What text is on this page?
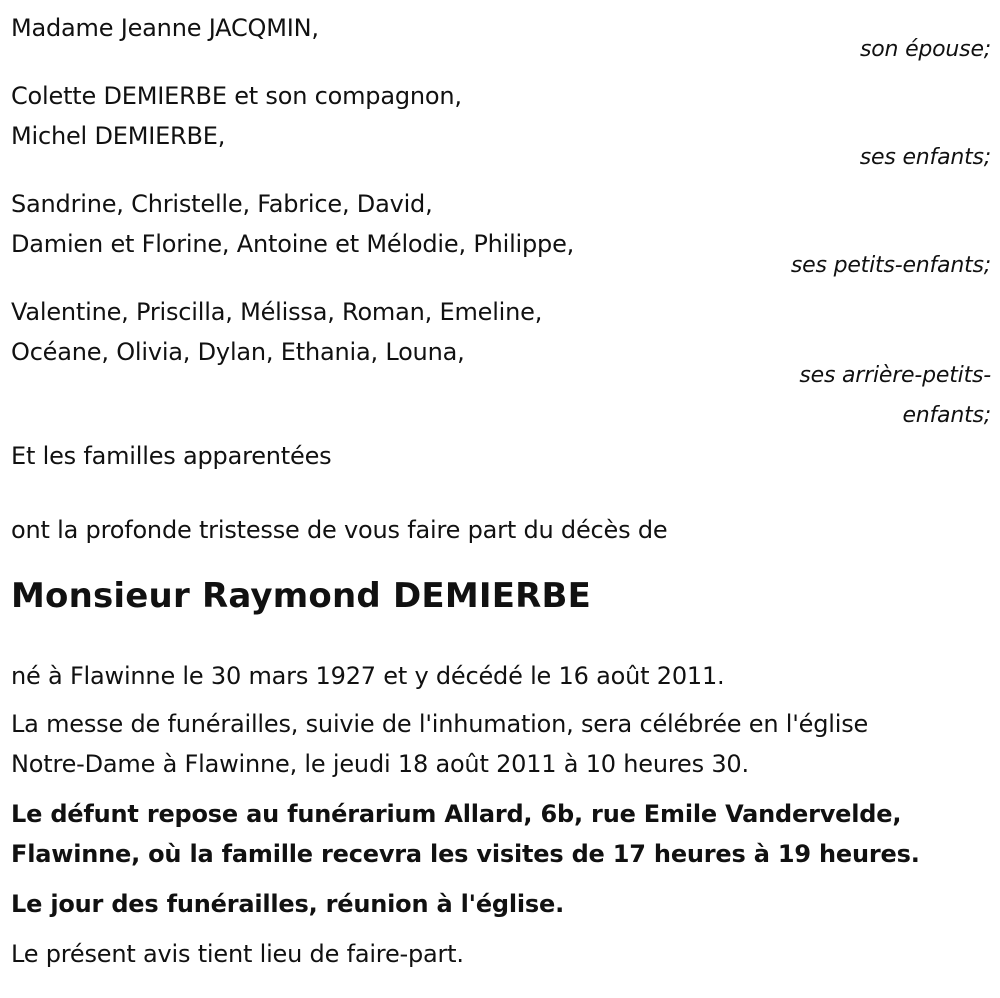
Madame Jeanne JACQMIN,
son épouse;
Colette DEMIERBE et son compagnon,
Michel DEMIERBE,
ses enfants;
Sandrine, Christelle, Fabrice, David,
Damien et Florine, Antoine et Mélodie, Philippe,
ses petits-enfants;
Valentine, Priscilla, Mélissa, Roman, Emeline,
Océane, Olivia, Dylan, Ethania, Louna,
ses arrière-petits-
enfants;
Et les familles apparentées
ont la profonde tristesse de vous faire part du décès de
Monsieur Raymond DEMIERBE
né à Flawinne le 30 mars 1927 et y décédé le 16 août 2011.
La messe de funérailles, suivie de l'inhumation, sera célébrée en l'église
Notre-Dame à Flawinne, le jeudi 18 août 2011 à 10 heures 30.
Le défunt repose au funérarium Allard, 6b, rue Emile Vandervelde,
Flawinne, où la famille recevra les visites de 17 heures à 19 heures.
Le jour des funérailles, réunion à l'église.
Le présent avis tient lieu de faire-part.
